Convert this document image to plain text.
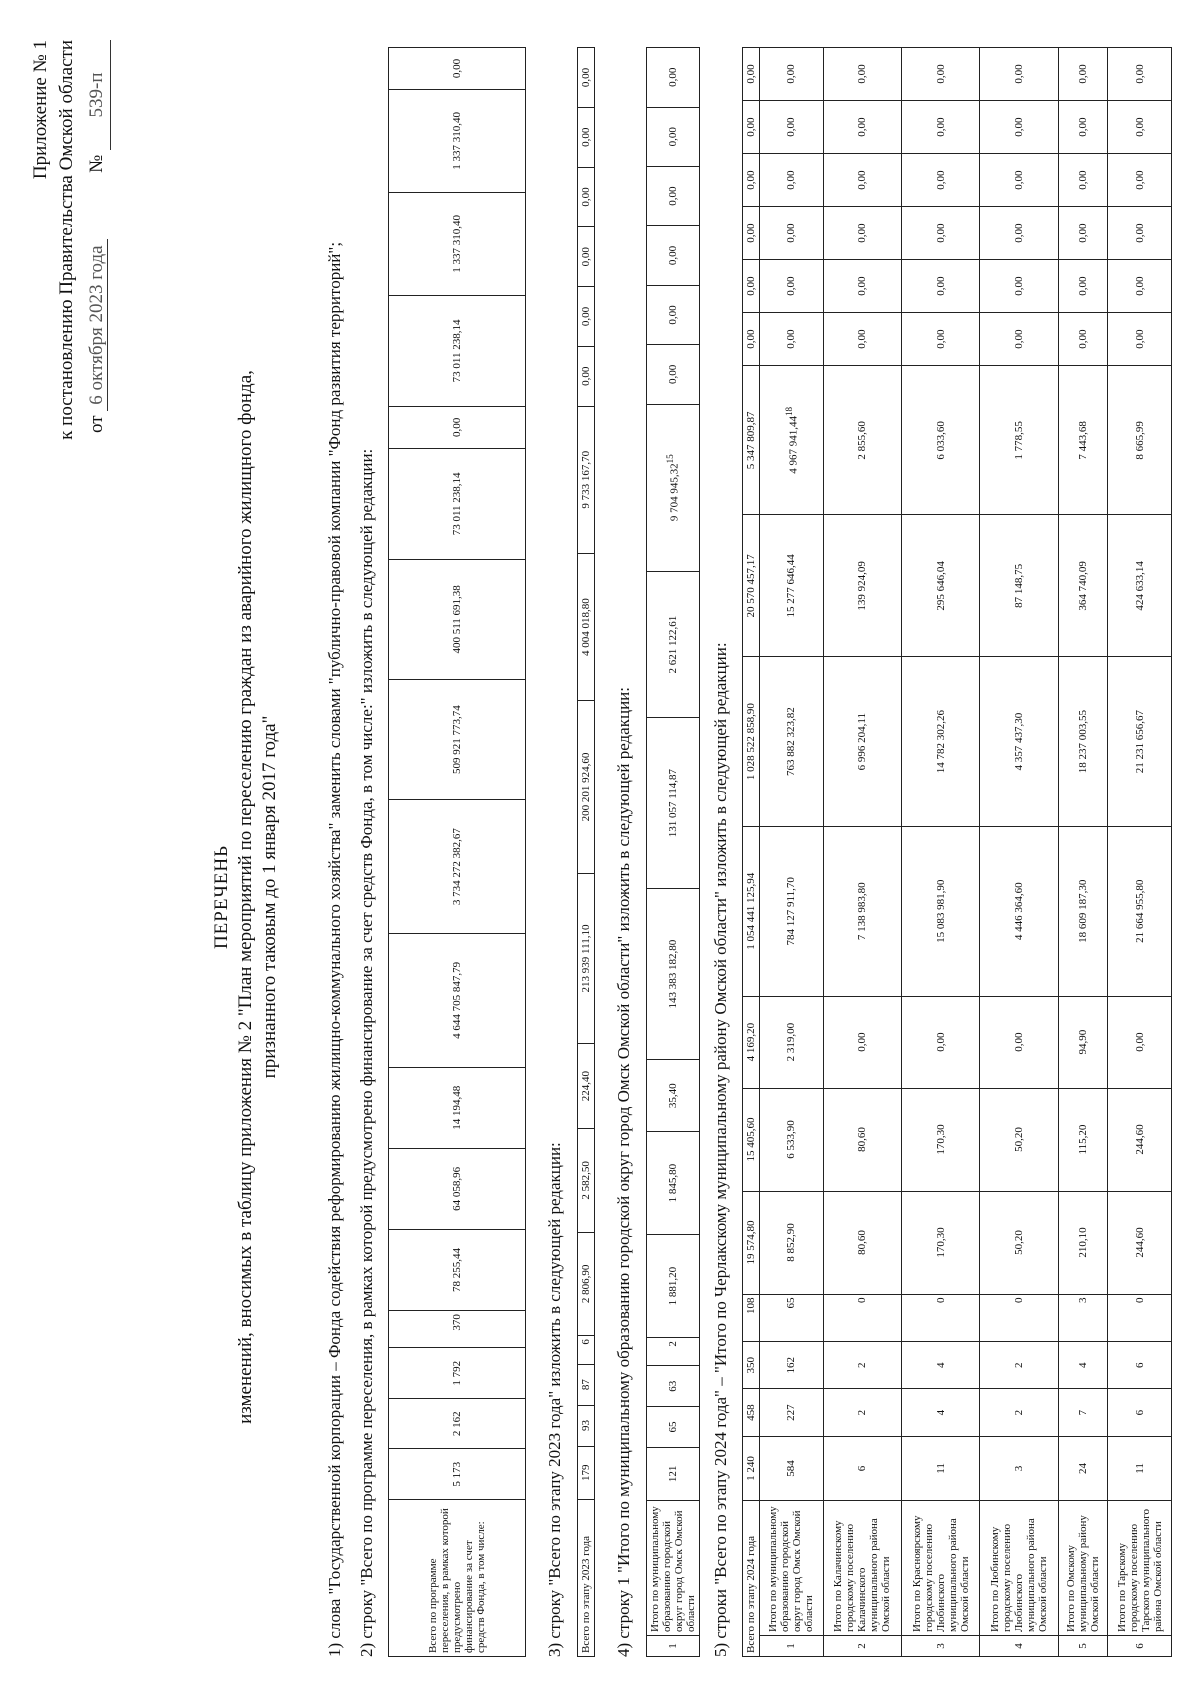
Приложение № 1 к постановлению Правительства Омской области от 6 октября 2023 года              № 539-п
ПЕРЕЧЕНЬ изменений, вносимых в таблицу приложения № 2 "План мероприятий по переселению граждан из аварийного жилищного фонда, признанного таковым до 1 января 2017 года"	1) слова "Государственной корпорации – Фонда содействия реформированию жилищно-коммунального хозяйства" заменить словами "публично-правовой компании "Фонд развития территорий"; 2) строку "Всего по программе переселения, в рамках которой предусмотрено финансирование за счет средств Фонда, в том числе:" изложить в следующей редакции:	Всего по программе переселения, в рамках которой предусмотрено финансирование за счет средств Фонда, в том числе:	5 173	2 162	1 792	370	78 255,44	64 058,96	14 194,48	4 644 705 847,79	3 734 272 382,67	509 921 773,74	400 511 691,38	73 011 238,14	0,00	73 011 238,14	1 337 310,40	1 337 310,40	0,00
3) строку "Всего по этапу 2023 года" изложить в следующей редакции: Всего по этапу 2023 года	179	93	87	6	2 806,90	2 582,50	224,40	213 939 111,10	200 201 924,60	4 004 018,80	9 733 167,70	0,00	0,00	0,00	0,00	0,00	0,00
4) строку 1 "Итого по муниципальному образованию городской округ город Омск Омской области" изложить в следующей редакции:	1	Итого по муниципальному образованию городской округ город Омск Омской области	121	65	63	2	1 881,20	1 845,80	35,40	143 383 182,80	131 057 114,87	2 621 122,61	9 704 945,32$^{15}$	0,00	0,00	0,00	0,00	0,00	0,00
5) строки "Всего по этапу 2024 года" – "Итого по Черлакскому муниципальному району Омской области" изложить в следующей редакции: Всего по этапу 2024 года		1 240	458	350	108	19 574,80	15 405,60	4 169,20	1 054 441 125,94	1 028 522 858,90	20 570 457,17	5 347 809,87	0,00	0,00	0,00	0,00	0,00	0,00
1	Итого по муниципальному образованию городской округ город Омск Омской области	584	227	162	65	8 852,90	6 533,90	2 319,00	784 127 911,70	763 882 323,82	15 277 646,44	4 967 941,44$^{18}$	0,00	0,00	0,00	0,00	0,00	0,00
2	Итого по Калачинскому городскому поселению Калачинского муниципального района Омской области	6	2	2	0	80,60	80,60	0,00	7 138 983,80	6 996 204,11	139 924,09	2 855,60	0,00	0,00	0,00	0,00	0,00	0,00
3	Итого по Красноярскому городскому поселению Любинского муниципального района Омской области	11	4	4	0	170,30	170,30	0,00	15 083 981,90	14 782 302,26	295 646,04	6 033,60	0,00	0,00	0,00	0,00	0,00	0,00
4	Итого по Любинскому городскому поселению Любинского муниципального района Омской области	3	2	2	0	50,20	50,20	0,00	4 446 364,60	4 357 437,30	87 148,75	1 778,55	0,00	0,00	0,00	0,00	0,00	0,00
5	Итого по Омскому муниципальному району Омской области	24	7	4	3	210,10	115,20	94,90	18 609 187,30	18 237 003,55	364 740,09	7 443,68	0,00	0,00	0,00	0,00	0,00	0,00
6	Итого по Тарскому городскому поселению Тарского муниципального района Омской области	11	6	6	0	244,60	244,60	0,00	21 664 955,80	21 231 656,67	424 633,14	8 665,99	0,00	0,00	0,00	0,00	0,00	0,00
